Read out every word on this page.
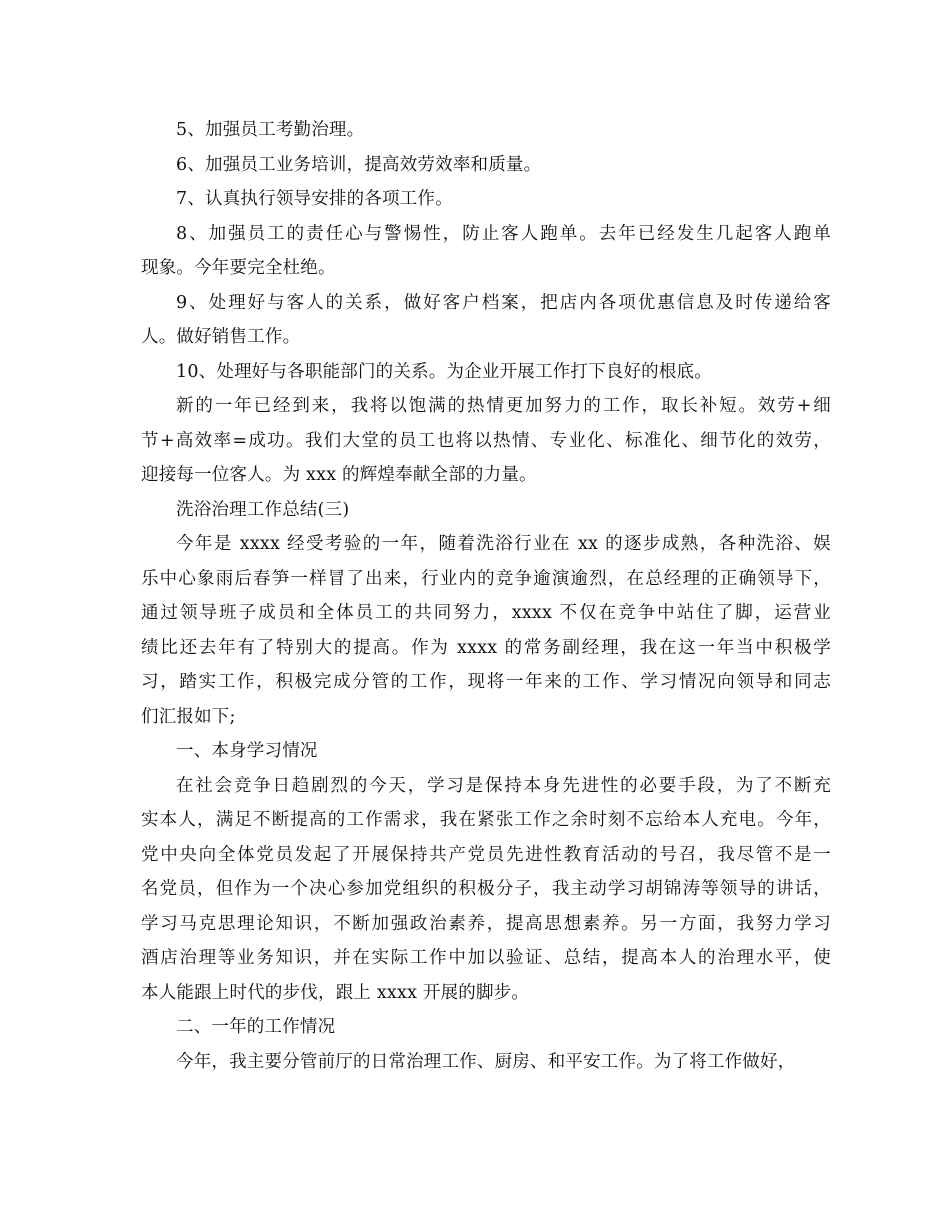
5、加强员工考勤治理。
6、加强员工业务培训，提高效劳效率和质量。
7、认真执行领导安排的各项工作。
8、加强员工的责任心与警惕性，防止客人跑单。去年已经发生几起客人跑单
现象。今年要完全杜绝。
9、处理好与客人的关系，做好客户档案，把店内各项优惠信息及时传递给客
人。做好销售工作。
10、处理好与各职能部门的关系。为企业开展工作打下良好的根底。
新的一年已经到来，我将以饱满的热情更加努力的工作，取长补短。效劳+细
节+高效率=成功。我们大堂的员工也将以热情、专业化、标准化、细节化的效劳，
迎接每一位客人。为 xxx 的辉煌奉献全部的力量。
洗浴治理工作总结(三)
今年是 xxxx 经受考验的一年，随着洗浴行业在 xx 的逐步成熟，各种洗浴、娱
乐中心象雨后春笋一样冒了出来，行业内的竞争逾演逾烈，在总经理的正确领导下，
通过领导班子成员和全体员工的共同努力，xxxx 不仅在竞争中站住了脚，运营业
绩比还去年有了特别大的提高。作为 xxxx 的常务副经理，我在这一年当中积极学
习，踏实工作，积极完成分管的工作，现将一年来的工作、学习情况向领导和同志
们汇报如下;
一、本身学习情况
在社会竞争日趋剧烈的今天，学习是保持本身先进性的必要手段，为了不断充
实本人，满足不断提高的工作需求，我在紧张工作之余时刻不忘给本人充电。今年，
党中央向全体党员发起了开展保持共产党员先进性教育活动的号召，我尽管不是一
名党员，但作为一个决心参加党组织的积极分子，我主动学习胡锦涛等领导的讲话，
学习马克思理论知识，不断加强政治素养，提高思想素养。另一方面，我努力学习
酒店治理等业务知识，并在实际工作中加以验证、总结，提高本人的治理水平，使
本人能跟上时代的步伐，跟上 xxxx 开展的脚步。
二、一年的工作情况
今年，我主要分管前厅的日常治理工作、厨房、和平安工作。为了将工作做好，
